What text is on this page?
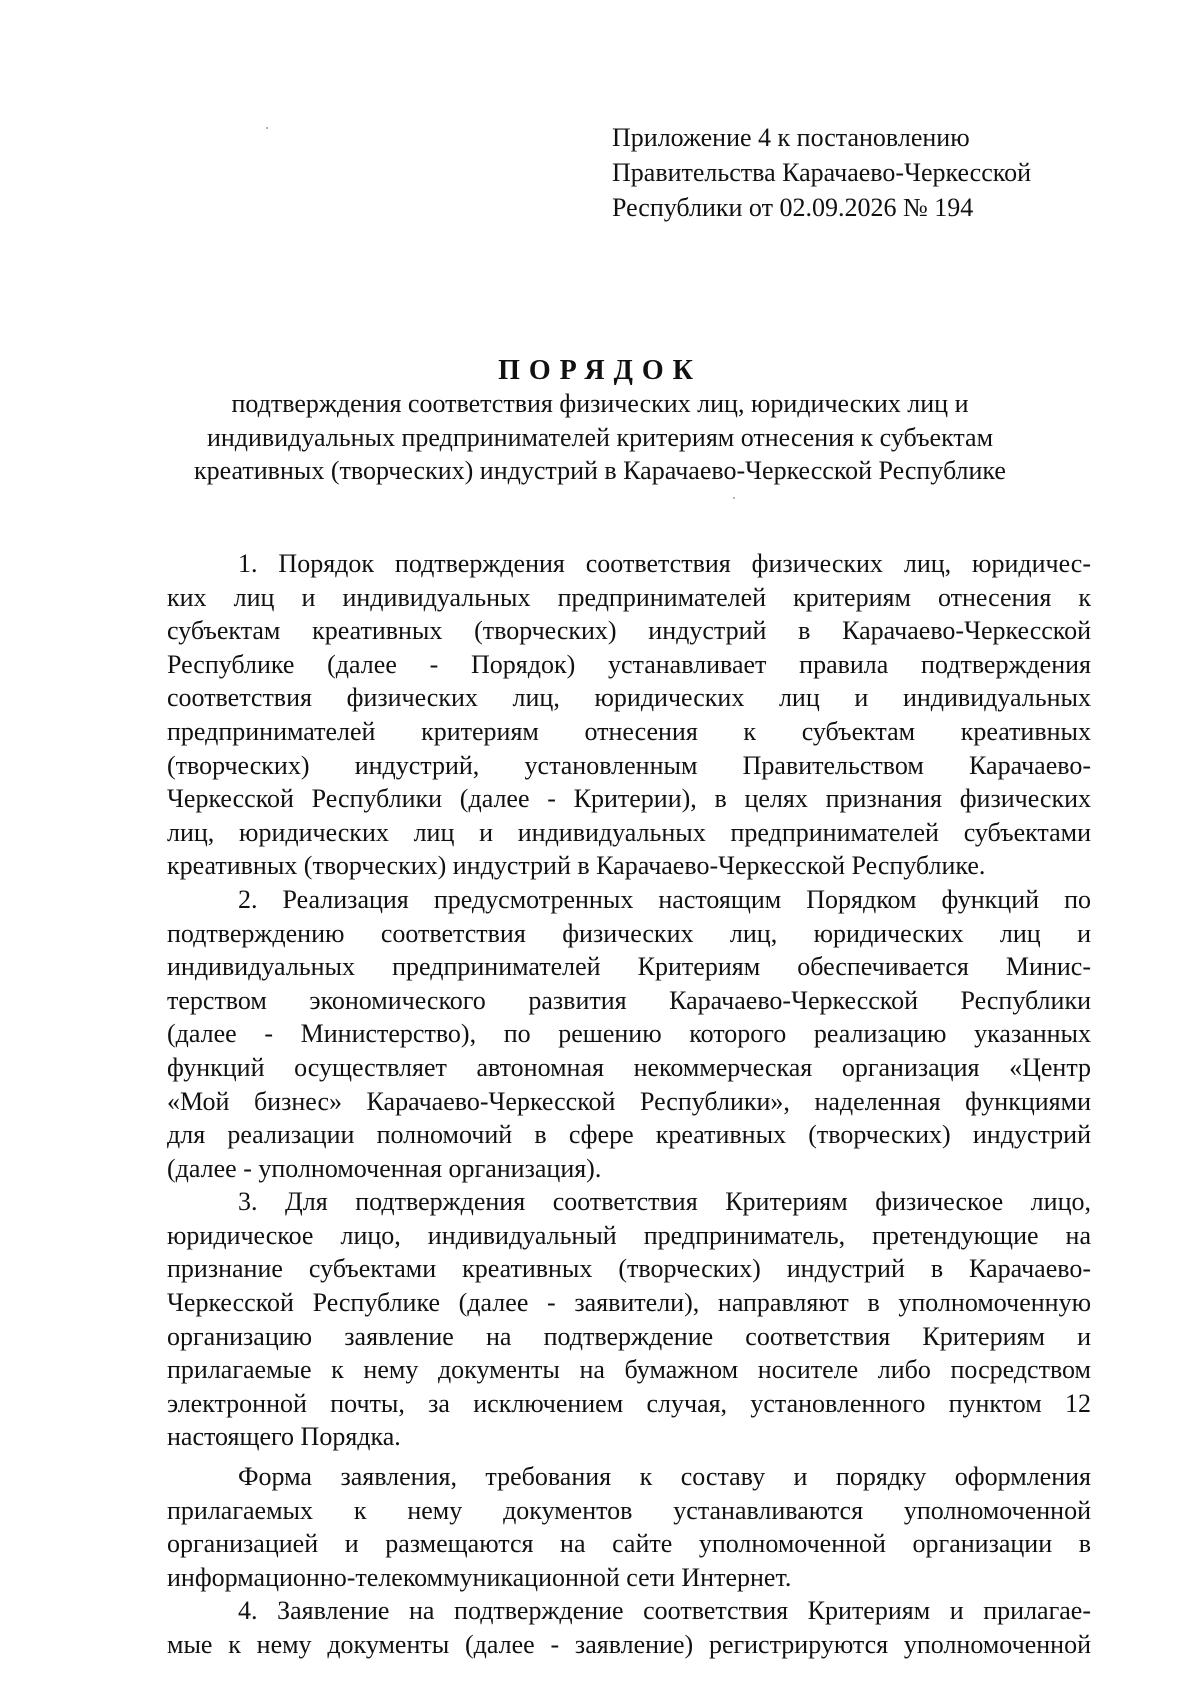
Приложение 4 к постановлению
Правительства Карачаево-Черкесской
Республики от 02.09.2026 № 194
ПОРЯДОК
подтверждения соответствия физических лиц, юридических лиц и
индивидуальных предпринимателей критериям отнесения к субъектам
креативных (творческих) индустрий в Карачаево-Черкесской Республике
1. Порядок подтверждения соответствия физических лиц, юридичес-
ких лиц и индивидуальных предпринимателей критериям отнесения к
субъектам креативных (творческих) индустрий в Карачаево-Черкесской
Республике (далее - Порядок) устанавливает правила подтверждения
соответствия физических лиц, юридических лиц и индивидуальных
предпринимателей критериям отнесения к субъектам креативных
(творческих) индустрий, установленным Правительством Карачаево-
Черкесской Республики (далее - Критерии), в целях признания физических
лиц, юридических лиц и индивидуальных предпринимателей субъектами
креативных (творческих) индустрий в Карачаево-Черкесской Республике.
2. Реализация предусмотренных настоящим Порядком функций по
подтверждению соответствия физических лиц, юридических лиц и
индивидуальных предпринимателей Критериям обеспечивается Минис-
терством экономического развития Карачаево-Черкесской Республики
(далее - Министерство), по решению которого реализацию указанных
функций осуществляет автономная некоммерческая организация «Центр
«Мой бизнес» Карачаево-Черкесской Республики», наделенная функциями
для реализации полномочий в сфере креативных (творческих) индустрий
(далее - уполномоченная организация).
3. Для подтверждения соответствия Критериям физическое лицо,
юридическое лицо, индивидуальный предприниматель, претендующие на
признание субъектами креативных (творческих) индустрий в Карачаево-
Черкесской Республике (далее - заявители), направляют в уполномоченную
организацию заявление на подтверждение соответствия Критериям и
прилагаемые к нему документы на бумажном носителе либо посредством
электронной почты, за исключением случая, установленного пунктом 12
настоящего Порядка.
Форма заявления, требования к составу и порядку оформления
прилагаемых к нему документов устанавливаются уполномоченной
организацией и размещаются на сайте уполномоченной организации в
информационно-телекоммуникационной сети Интернет.
4. Заявление на подтверждение соответствия Критериям и прилагае-
мые к нему документы (далее - заявление) регистрируются уполномоченной
